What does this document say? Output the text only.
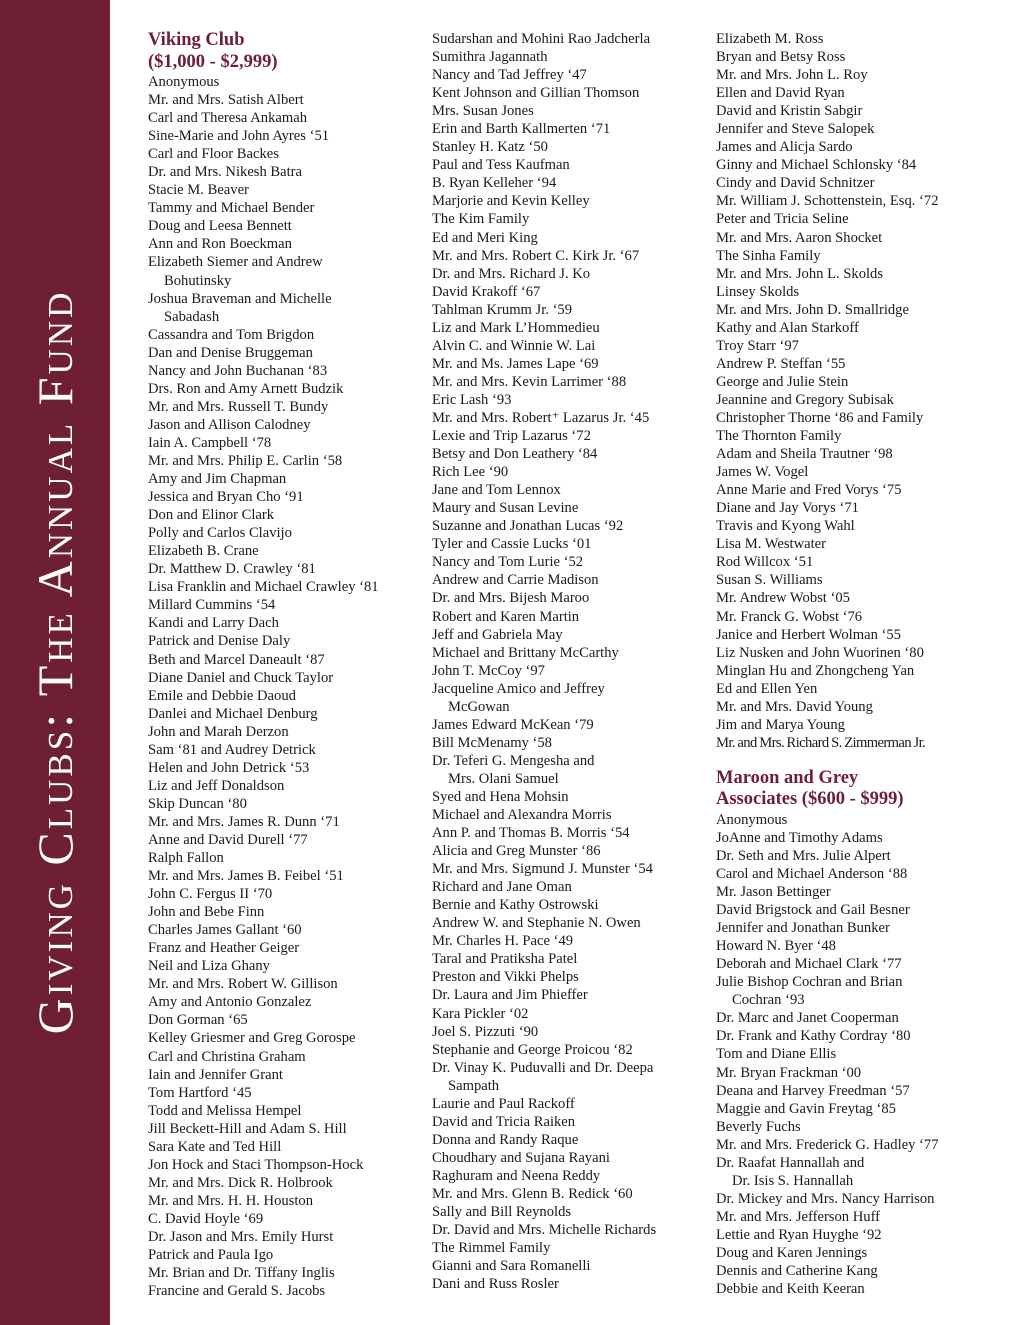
Giving Clubs: The Annual Fund
Viking Club
($1,000 - $2,999)
Anonymous
Mr. and Mrs. Satish Albert
Carl and Theresa Ankamah
Sine-Marie and John Ayres ‘51
Carl and Floor Backes
Dr. and Mrs. Nikesh Batra
Stacie M. Beaver
Tammy and Michael Bender
Doug and Leesa Bennett
Ann and Ron Boeckman
Elizabeth Siemer and Andrew
Bohutinsky
Joshua Braveman and Michelle
Sabadash
Cassandra and Tom Brigdon
Dan and Denise Bruggeman
Nancy and John Buchanan ‘83
Drs. Ron and Amy Arnett Budzik
Mr. and Mrs. Russell T. Bundy
Jason and Allison Calodney
Iain A. Campbell ‘78
Mr. and Mrs. Philip E. Carlin ‘58
Amy and Jim Chapman
Jessica and Bryan Cho ‘91
Don and Elinor Clark
Polly and Carlos Clavijo
Elizabeth B. Crane
Dr. Matthew D. Crawley ‘81
Lisa Franklin and Michael Crawley ‘81
Millard Cummins ‘54
Kandi and Larry Dach
Patrick and Denise Daly
Beth and Marcel Daneault ‘87
Diane Daniel and Chuck Taylor
Emile and Debbie Daoud
Danlei and Michael Denburg
John and Marah Derzon
Sam ‘81 and Audrey Detrick
Helen and John Detrick ‘53
Liz and Jeff Donaldson
Skip Duncan ‘80
Mr. and Mrs. James R. Dunn ‘71
Anne and David Durell ‘77
Ralph Fallon
Mr. and Mrs. James B. Feibel ‘51
John C. Fergus II ‘70
John and Bebe Finn
Charles James Gallant ‘60
Franz and Heather Geiger
Neil and Liza Ghany
Mr. and Mrs. Robert W. Gillison
Amy and Antonio Gonzalez
Don Gorman ‘65
Kelley Griesmer and Greg Gorospe
Carl and Christina Graham
Iain and Jennifer Grant
Tom Hartford ‘45
Todd and Melissa Hempel
Jill Beckett-Hill and Adam S. Hill
Sara Kate and Ted Hill
Jon Hock and Staci Thompson-Hock
Mr. and Mrs. Dick R. Holbrook
Mr. and Mrs. H. H. Houston
C. David Hoyle ‘69
Dr. Jason and Mrs. Emily Hurst
Patrick and Paula Igo
Mr. Brian and Dr. Tiffany Inglis
Francine and Gerald S. Jacobs
Sudarshan and Mohini Rao Jadcherla
Sumithra Jagannath
Nancy and Tad Jeffrey ‘47
Kent Johnson and Gillian Thomson
Mrs. Susan Jones
Erin and Barth Kallmerten ‘71
Stanley H. Katz ‘50
Paul and Tess Kaufman
B. Ryan Kelleher ‘94
Marjorie and Kevin Kelley
The Kim Family
Ed and Meri King
Mr. and Mrs. Robert C. Kirk Jr. ‘67
Dr. and Mrs. Richard J. Ko
David Krakoff ‘67
Tahlman Krumm Jr. ‘59
Liz and Mark L’Hommedieu
Alvin C. and Winnie W. Lai
Mr. and Ms. James Lape ‘69
Mr. and Mrs. Kevin Larrimer ‘88
Eric Lash ‘93
Mr. and Mrs. Robert⁺ Lazarus Jr. ‘45
Lexie and Trip Lazarus ‘72
Betsy and Don Leathery ‘84
Rich Lee ‘90
Jane and Tom Lennox
Maury and Susan Levine
Suzanne and Jonathan Lucas ‘92
Tyler and Cassie Lucks ‘01
Nancy and Tom Lurie ‘52
Andrew and Carrie Madison
Dr. and Mrs. Bijesh Maroo
Robert and Karen Martin
Jeff and Gabriela May
Michael and Brittany McCarthy
John T. McCoy ‘97
Jacqueline Amico and Jeffrey
McGowan
James Edward McKean ‘79
Bill McMenamy ‘58
Dr. Teferi G. Mengesha and
Mrs. Olani Samuel
Syed and Hena Mohsin
Michael and Alexandra Morris
Ann P. and Thomas B. Morris ‘54
Alicia and Greg Munster ‘86
Mr. and Mrs. Sigmund J. Munster ‘54
Richard and Jane Oman
Bernie and Kathy Ostrowski
Andrew W. and Stephanie N. Owen
Mr. Charles H. Pace ‘49
Taral and Pratiksha Patel
Preston and Vikki Phelps
Dr. Laura and Jim Phieffer
Kara Pickler ‘02
Joel S. Pizzuti ‘90
Stephanie and George Proicou ‘82
Dr. Vinay K. Puduvalli and Dr. Deepa
Sampath
Laurie and Paul Rackoff
David and Tricia Raiken
Donna and Randy Raque
Choudhary and Sujana Rayani
Raghuram and Neena Reddy
Mr. and Mrs. Glenn B. Redick ‘60
Sally and Bill Reynolds
Dr. David and Mrs. Michelle Richards
The Rimmel Family
Gianni and Sara Romanelli
Dani and Russ Rosler
Elizabeth M. Ross
Bryan and Betsy Ross
Mr. and Mrs. John L. Roy
Ellen and David Ryan
David and Kristin Sabgir
Jennifer and Steve Salopek
James and Alicja Sardo
Ginny and Michael Schlonsky ‘84
Cindy and David Schnitzer
Mr. William J. Schottenstein, Esq. ‘72
Peter and Tricia Seline
Mr. and Mrs. Aaron Shocket
The Sinha Family
Mr. and Mrs. John L. Skolds
Linsey Skolds
Mr. and Mrs. John D. Smallridge
Kathy and Alan Starkoff
Troy Starr ‘97
Andrew P. Steffan ‘55
George and Julie Stein
Jeannine and Gregory Subisak
Christopher Thorne ‘86 and Family
The Thornton Family
Adam and Sheila Trautner ‘98
James W. Vogel
Anne Marie and Fred Vorys ‘75
Diane and Jay Vorys ‘71
Travis and Kyong Wahl
Lisa M. Westwater
Rod Willcox ‘51
Susan S. Williams
Mr. Andrew Wobst ‘05
Mr. Franck G. Wobst ‘76
Janice and Herbert Wolman ‘55
Liz Nusken and John Wuorinen ‘80
Minglan Hu and Zhongcheng Yan
Ed and Ellen Yen
Mr. and Mrs. David Young
Jim and Marya Young
Mr. and Mrs. Richard S. Zimmerman Jr.
Maroon and Grey
Associates ($600 - $999)
Anonymous
JoAnne and Timothy Adams
Dr. Seth and Mrs. Julie Alpert
Carol and Michael Anderson ‘88
Mr. Jason Bettinger
David Brigstock and Gail Besner
Jennifer and Jonathan Bunker
Howard N. Byer ‘48
Deborah and Michael Clark ‘77
Julie Bishop Cochran and Brian
Cochran ‘93
Dr. Marc and Janet Cooperman
Dr. Frank and Kathy Cordray ‘80
Tom and Diane Ellis
Mr. Bryan Frackman ‘00
Deana and Harvey Freedman ‘57
Maggie and Gavin Freytag ‘85
Beverly Fuchs
Mr. and Mrs. Frederick G. Hadley ‘77
Dr. Raafat Hannallah and
Dr. Isis S. Hannallah
Dr. Mickey and Mrs. Nancy Harrison
Mr. and Mrs. Jefferson Huff
Lettie and Ryan Huyghe ‘92
Doug and Karen Jennings
Dennis and Catherine Kang
Debbie and Keith Keeran
